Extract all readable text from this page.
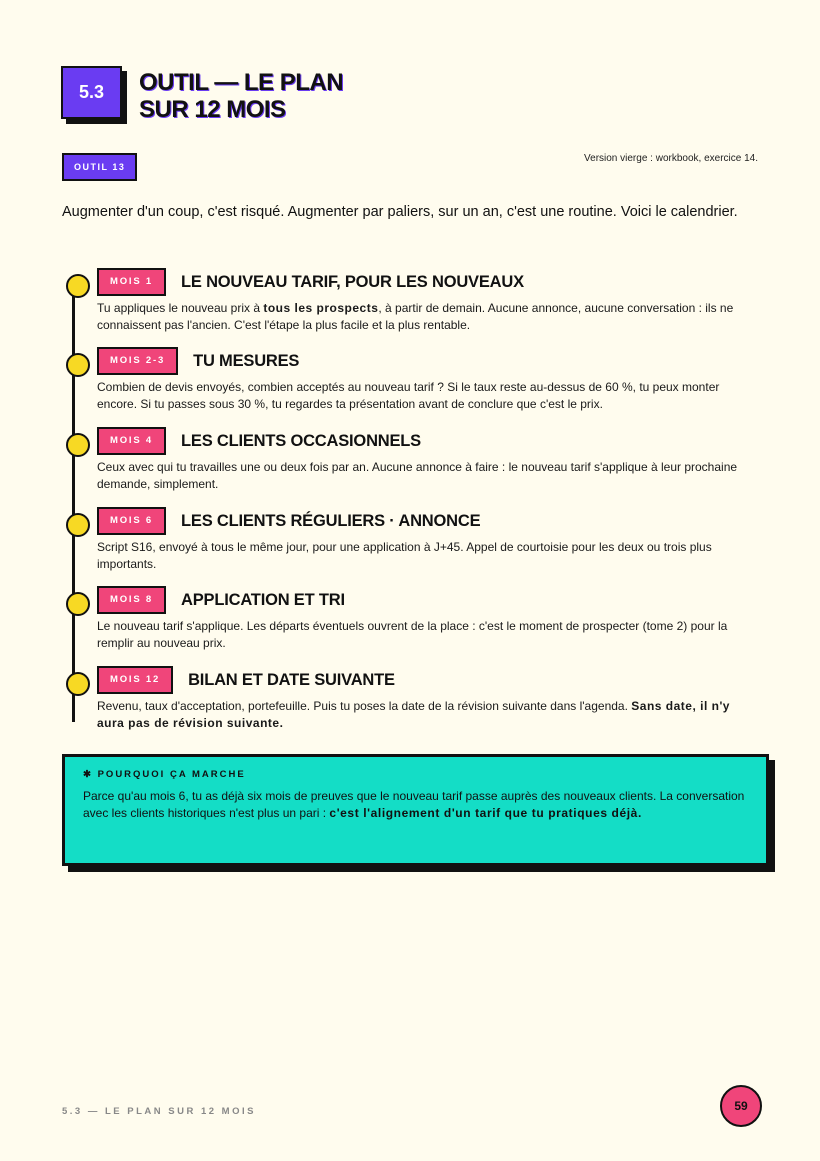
5.3 OUTIL — LE PLAN
SUR 12 MOIS
OUTIL 13
Version vierge : workbook, exercice 14.
Augmenter d'un coup, c'est risqué. Augmenter par paliers, sur un an, c'est une routine. Voici le calendrier.
MOIS 1	LE NOUVEAU TARIF, POUR LES NOUVEAUX
Tu appliques le nouveau prix à tous les prospects, à partir de demain. Aucune annonce, aucune conversation : ils ne connaissent pas l'ancien. C'est l'étape la plus facile et la plus rentable.
MOIS 2-3	TU MESURES
Combien de devis envoyés, combien acceptés au nouveau tarif ? Si le taux reste au-dessus de 60 %, tu peux monter encore. Si tu passes sous 30 %, tu regardes ta présentation avant de conclure que c'est le prix.
MOIS 4	LES CLIENTS OCCASIONNELS
Ceux avec qui tu travailles une ou deux fois par an. Aucune annonce à faire : le nouveau tarif s'applique à leur prochaine demande, simplement.
MOIS 6	LES CLIENTS RÉGULIERS · ANNONCE
Script S16, envoyé à tous le même jour, pour une application à J+45. Appel de courtoisie pour les deux ou trois plus importants.
MOIS 8	APPLICATION ET TRI
Le nouveau tarif s'applique. Les départs éventuels ouvrent de la place : c'est le moment de prospecter (tome 2) pour la remplir au nouveau prix.
MOIS 12	BILAN ET DATE SUIVANTE
Revenu, taux d'acceptation, portefeuille. Puis tu poses la date de la révision suivante dans l'agenda. Sans date, il n'y aura pas de révision suivante.
✱ POURQUOI ÇA MARCHE
Parce qu'au mois 6, tu as déjà six mois de preuves que le nouveau tarif passe auprès des nouveaux clients. La conversation avec les clients historiques n'est plus un pari : c'est l'alignement d'un tarif que tu pratiques déjà.
5.3 — LE PLAN SUR 12 MOIS	59
